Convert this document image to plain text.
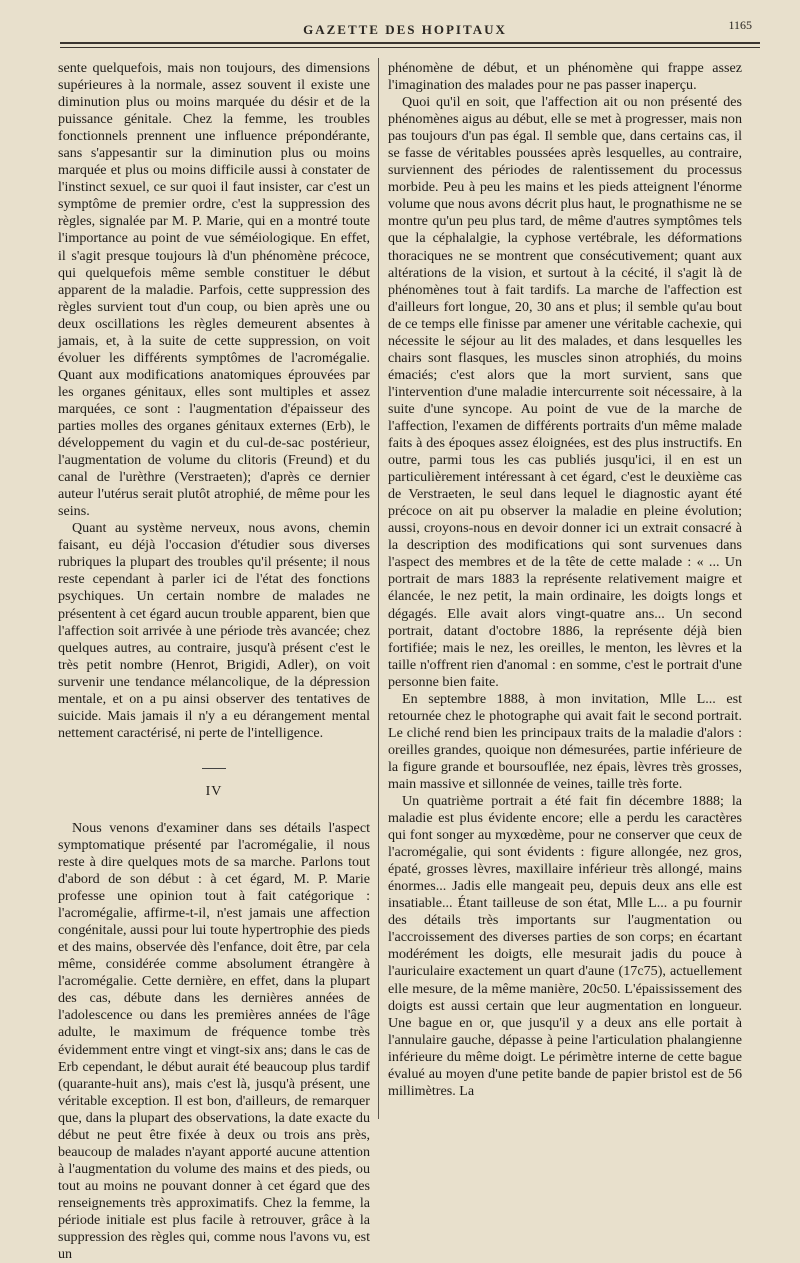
GAZETTE DES HOPITAUX	1165

sente quelquefois, mais non toujours, des dimensions supérieures à la normale, assez souvent il existe une diminution plus ou moins marquée du désir et de la puissance génitale. Chez la femme, les troubles fonctionnels prennent une influence prépondérante, sans s'appesantir sur la diminution plus ou moins marquée et plus ou moins difficile aussi à constater de l'instinct sexuel, ce sur quoi il faut insister, car c'est un symptôme de premier ordre, c'est la suppression des règles, signalée par M. P. Marie, qui en a montré toute l'importance au point de vue séméiologique. En effet, il s'agit presque toujours là d'un phénomène précoce, qui quelquefois même semble constituer le début apparent de la maladie. Parfois, cette suppression des règles survient tout d'un coup, ou bien après une ou deux oscillations les règles demeurent absentes à jamais, et, à la suite de cette suppression, on voit évoluer les différents symptômes de l'acromégalie. Quant aux modifications anatomiques éprouvées par les organes génitaux, elles sont multiples et assez marquées, ce sont : l'augmentation d'épaisseur des parties molles des organes génitaux externes (Erb), le développement du vagin et du cul-de-sac postérieur, l'augmentation de volume du clitoris (Freund) et du canal de l'urèthre (Verstraeten); d'après ce dernier auteur l'utérus serait plutôt atrophié, de même pour les seins.

Quant au système nerveux, nous avons, chemin faisant, eu déjà l'occasion d'étudier sous diverses rubriques la plupart des troubles qu'il présente; il nous reste cependant à parler ici de l'état des fonctions psychiques. Un certain nombre de malades ne présentent à cet égard aucun trouble apparent, bien que l'affection soit arrivée à une période très avancée; chez quelques autres, au contraire, jusqu'à présent c'est le très petit nombre (Henrot, Brigidi, Adler), on voit survenir une tendance mélancolique, de la dépression mentale, et on a pu ainsi observer des tentatives de suicide. Mais jamais il n'y a eu dérangement mental nettement caractérisé, ni perte de l'intelligence.

IV

Nous venons d'examiner dans ses détails l'aspect symptomatique présenté par l'acromégalie, il nous reste à dire quelques mots de sa marche. Parlons tout d'abord de son début : à cet égard, M. P. Marie professe une opinion tout à fait catégorique : l'acromégalie, affirme-t-il, n'est jamais une affection congénitale, aussi pour lui toute hypertrophie des pieds et des mains, observée dès l'enfance, doit être, par cela même, considérée comme absolument étrangère à l'acromégalie. Cette dernière, en effet, dans la plupart des cas, débute dans les dernières années de l'adolescence ou dans les premières années de l'âge adulte, le maximum de fréquence tombe très évidemment entre vingt et vingt-six ans; dans le cas de Erb cependant, le début aurait été beaucoup plus tardif (quarante-huit ans), mais c'est là, jusqu'à présent, une véritable exception. Il est bon, d'ailleurs, de remarquer que, dans la plupart des observations, la date exacte du début ne peut être fixée à deux ou trois ans près, beaucoup de malades n'ayant apporté aucune attention à l'augmentation du volume des mains et des pieds, ou tout au moins ne pouvant donner à cet égard que des renseignements très approximatifs. Chez la femme, la période initiale est plus facile à retrouver, grâce à la suppression des règles qui, comme nous l'avons vu, est un

phénomène de début, et un phénomène qui frappe assez l'imagination des malades pour ne pas passer inaperçu.

Quoi qu'il en soit, que l'affection ait ou non présenté des phénomènes aigus au début, elle se met à progresser, mais non pas toujours d'un pas égal. Il semble que, dans certains cas, il se fasse de véritables poussées après lesquelles, au contraire, surviennent des périodes de ralentissement du processus morbide. Peu à peu les mains et les pieds atteignent l'énorme volume que nous avons décrit plus haut, le prognathisme ne se montre qu'un peu plus tard, de même d'autres symptômes tels que la céphalalgie, la cyphose vertébrale, les déformations thoraciques ne se montrent que consécutivement; quant aux altérations de la vision, et surtout à la cécité, il s'agit là de phénomènes tout à fait tardifs. La marche de l'affection est d'ailleurs fort longue, 20, 30 ans et plus; il semble qu'au bout de ce temps elle finisse par amener une véritable cachexie, qui nécessite le séjour au lit des malades, et dans lesquelles les chairs sont flasques, les muscles sinon atrophiés, du moins émaciés; c'est alors que la mort survient, sans que l'intervention d'une maladie intercurrente soit nécessaire, à la suite d'une syncope. Au point de vue de la marche de l'affection, l'examen de différents portraits d'un même malade faits à des époques assez éloignées, est des plus instructifs. En outre, parmi tous les cas publiés jusqu'ici, il en est un particulièrement intéressant à cet égard, c'est le deuxième cas de Verstraeten, le seul dans lequel le diagnostic ayant été précoce on ait pu observer la maladie en pleine évolution; aussi, croyons-nous en devoir donner ici un extrait consacré à la description des modifications qui sont survenues dans l'aspect des membres et de la tête de cette malade : « ... Un portrait de mars 1883 la représente relativement maigre et élancée, le nez petit, la main ordinaire, les doigts longs et dégagés. Elle avait alors vingt-quatre ans... Un second portrait, datant d'octobre 1886, la représente déjà bien fortifiée; mais le nez, les oreilles, le menton, les lèvres et la taille n'offrent rien d'anomal : en somme, c'est le portrait d'une personne bien faite.

En septembre 1888, à mon invitation, Mlle L... est retournée chez le photographe qui avait fait le second portrait. Le cliché rend bien les principaux traits de la maladie d'alors : oreilles grandes, quoique non démesurées, partie inférieure de la figure grande et boursouflée, nez épais, lèvres très grosses, main massive et sillonnée de veines, taille très forte.

Un quatrième portrait a été fait fin décembre 1888; la maladie est plus évidente encore; elle a perdu les caractères qui font songer au myxœdème, pour ne conserver que ceux de l'acromégalie, qui sont évidents : figure allongée, nez gros, épaté, grosses lèvres, maxillaire inférieur très allongé, mains énormes... Jadis elle mangeait peu, depuis deux ans elle est insatiable... Étant tailleuse de son état, Mlle L... a pu fournir des détails très importants sur l'augmentation ou l'accroissement des diverses parties de son corps; en écartant modérément les doigts, elle mesurait jadis du pouce à l'auriculaire exactement un quart d'aune (17c75), actuellement elle mesure, de la même manière, 20c50. L'épaississement des doigts est aussi certain que leur augmentation en longueur. Une bague en or, que jusqu'il y a deux ans elle portait à l'annulaire gauche, dépasse à peine l'articulation phalangienne inférieure du même doigt. Le périmètre interne de cette bague évalué au moyen d'une petite bande de papier bristol est de 56 millimètres. La
